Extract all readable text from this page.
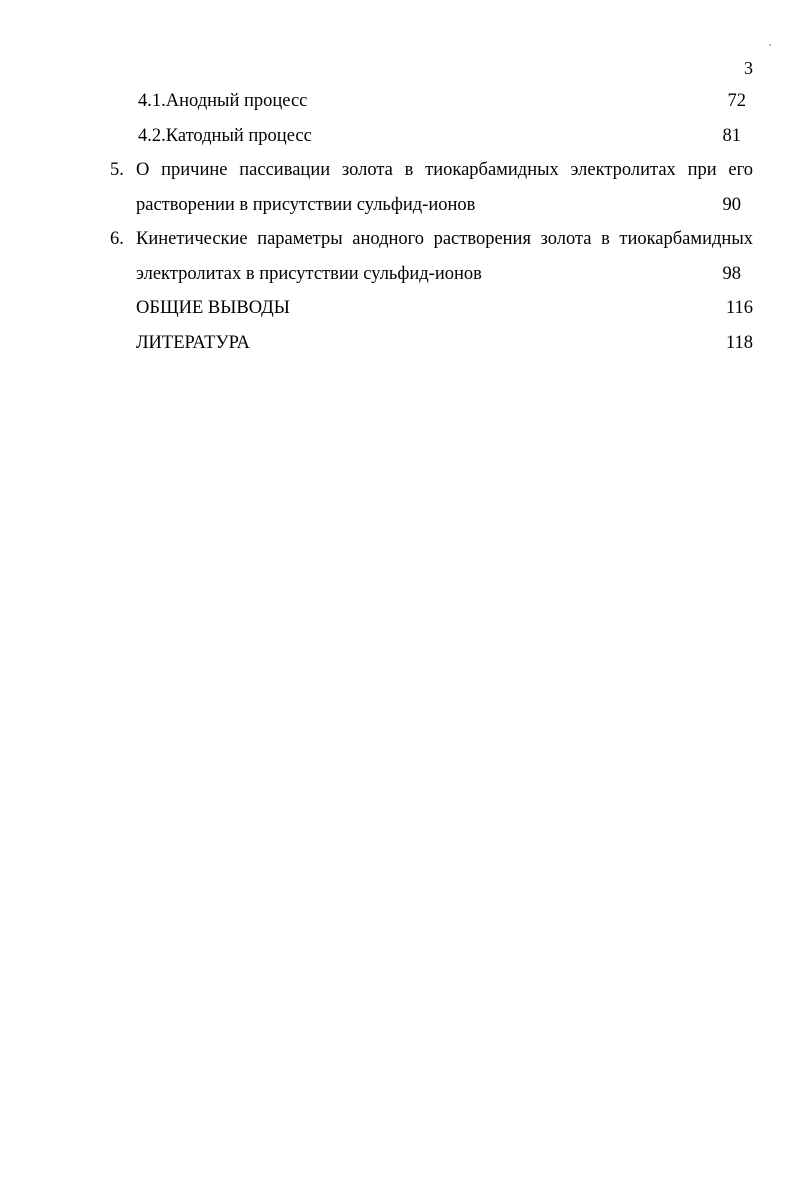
3
4.1.Анодный процесс	72
4.2.Катодный процесс	81
5. О причине пассивации золота в тиокарбамидных электролитах при его
растворении в присутствии сульфид-ионов	90
6. Кинетические параметры анодного растворения золота в тиокарбамидных
электролитах в присутствии сульфид-ионов	98
ОБЩИЕ ВЫВОДЫ	116
ЛИТЕРАТУРА	118
